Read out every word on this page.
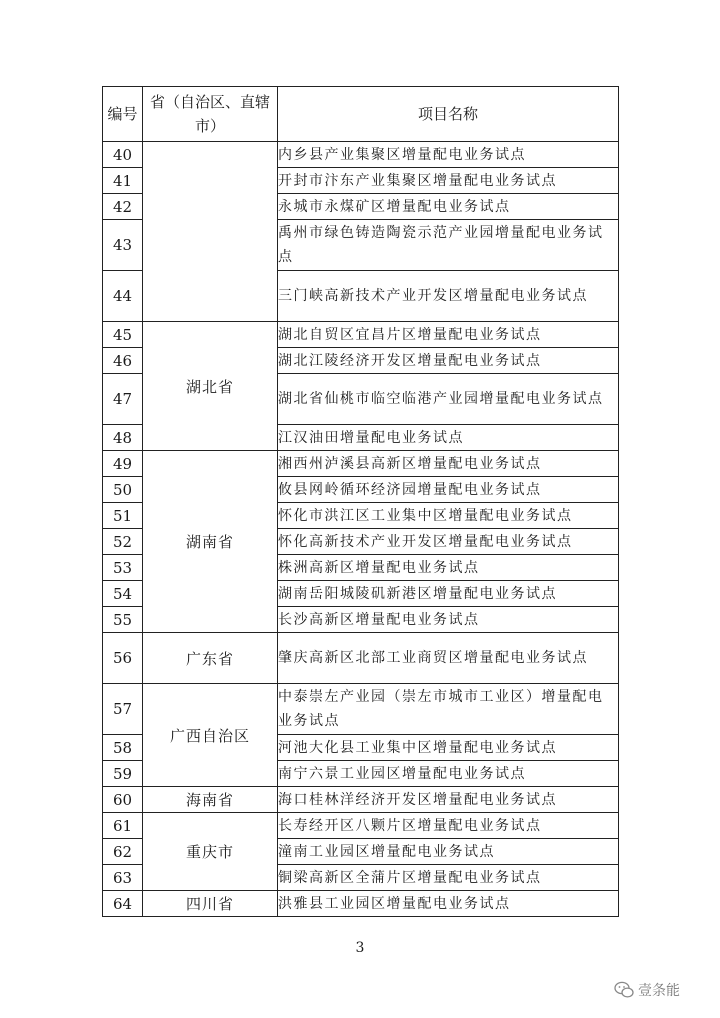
编号	省（自治区、直辖市）	项目名称
40		内乡县产业集聚区增量配电业务试点
41		开封市汴东产业集聚区增量配电业务试点
42		永城市永煤矿区增量配电业务试点
43		禹州市绿色铸造陶瓷示范产业园增量配电业务试点
44		三门峡高新技术产业开发区增量配电业务试点
45	湖北省	湖北自贸区宜昌片区增量配电业务试点
46		湖北江陵经济开发区增量配电业务试点
47		湖北省仙桃市临空临港产业园增量配电业务试点
48		江汉油田增量配电业务试点
49	湖南省	湘西州泸溪县高新区增量配电业务试点
50		攸县网岭循环经济园增量配电业务试点
51		怀化市洪江区工业集中区增量配电业务试点
52		怀化高新技术产业开发区增量配电业务试点
53		株洲高新区增量配电业务试点
54		湖南岳阳城陵矶新港区增量配电业务试点
55		长沙高新区增量配电业务试点
56	广东省	肇庆高新区北部工业商贸区增量配电业务试点
57	广西自治区	中泰崇左产业园（崇左市城市工业区）增量配电业务试点
58		河池大化县工业集中区增量配电业务试点
59		南宁六景工业园区增量配电业务试点
60	海南省	海口桂林洋经济开发区增量配电业务试点
61	重庆市	长寿经开区八颗片区增量配电业务试点
62		潼南工业园区增量配电业务试点
63		铜梁高新区全蒲片区增量配电业务试点
64	四川省	洪雅县工业园区增量配电业务试点
3
壹条能
